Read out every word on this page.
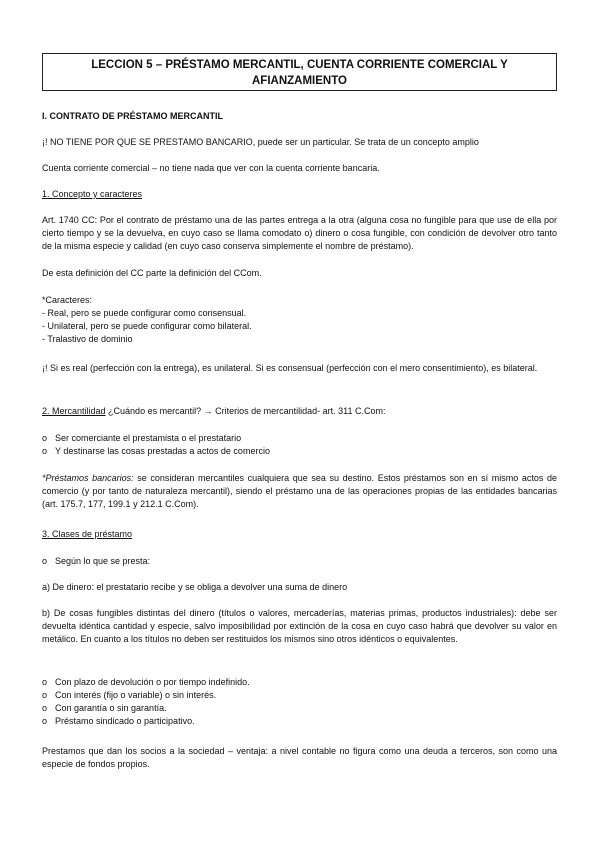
LECCION 5 – PRÉSTAMO MERCANTIL, CUENTA CORRIENTE COMERCIAL Y
AFIANZAMIENTO

I. CONTRATO DE PRÉSTAMO MERCANTIL

¡! NO TIENE POR QUE SE PRESTAMO BANCARIO, puede ser un particular. Se trata de un concepto amplio

Cuenta corriente comercial – no tiene nada que ver con la cuenta corriente bancaria.

1. Concepto y caracteres

Art. 1740 CC: Por el contrato de préstamo una de las partes entrega a la otra (alguna cosa no fungible para que use de ella por cierto tiempo y se la devuelva, en cuyo caso se llama comodato o) dinero o cosa fungible, con condición de devolver otro tanto de la misma especie y calidad (en cuyo caso conserva simplemente el nombre de préstamo).

De esta definición del CC parte la definición del CCom.

*Caracteres:
- Real, pero se puede configurar como consensual.
- Unilateral, pero se puede configurar como bilateral.
- Tralastivo de dominio

¡! Si es real (perfección con la entrega), es unilateral. Si es consensual (perfección con el mero consentimiento), es bilateral.

2. Mercantilidad ¿Cuándo es mercantil? → Criterios de mercantilidad- art. 311 C.Com:

o Ser comerciante el prestamista o el prestatario
o Y destinarse las cosas prestadas a actos de comercio

*Préstamos bancarios: se consideran mercantiles cualquiera que sea su destino. Estos préstamos son en sí mismo actos de comercio (y por tanto de naturaleza mercantil), siendo el préstamo una de las operaciones propias de las entidades bancarias (art. 175.7, 177, 199.1 y 212.1 C.Com).

3. Clases de préstamo

o Según lo que se presta:

a) De dinero: el prestatario recibe y se obliga a devolver una suma de dinero

b) De cosas fungibles distintas del dinero (títulos o valores, mercaderías, materias primas, productos industriales): debe ser devuelta idéntica cantidad y especie, salvo imposibilidad por extinción de la cosa en cuyo caso habrá que devolver su valor en metálico. En cuanto a los títulos no deben ser restituidos los mismos sino otros idénticos o equivalentes.

o Con plazo de devolución o por tiempo indefinido.
o Con interés (fijo o variable) o sin interés.
o Con garantía o sin garantía.
o Préstamo sindicado o participativo.

Prestamos que dan los socios a la sociedad – ventaja: a nivel contable no figura como una deuda a terceros, son como una especie de fondos propios.
